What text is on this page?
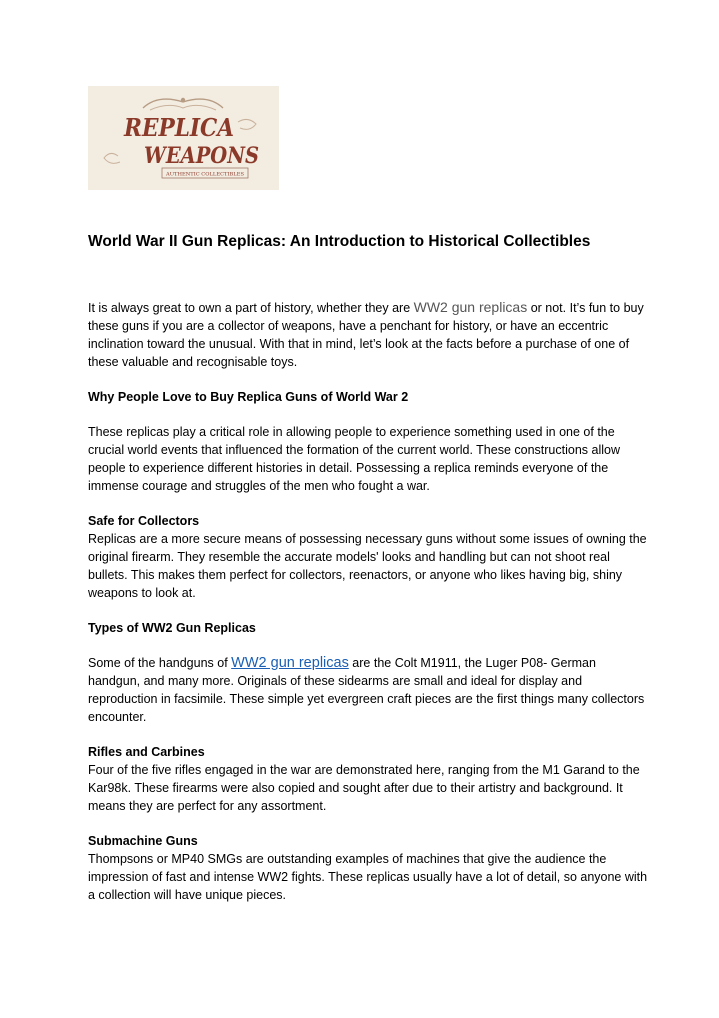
REPLICA
WEAPONS
AUTHENTIC COLLECTIBLES
World War II Gun Replicas: An Introduction to Historical Collectibles

It is always great to own a part of history, whether they are WW2 gun replicas or not. It’s fun to buy these guns if you are a collector of weapons, have a penchant for history, or have an eccentric inclination toward the unusual. With that in mind, let’s look at the facts before a purchase of one of these valuable and recognisable toys.

Why People Love to Buy Replica Guns of World War 2

These replicas play a critical role in allowing people to experience something used in one of the crucial world events that influenced the formation of the current world. These constructions allow people to experience different histories in detail. Possessing a replica reminds everyone of the immense courage and struggles of the men who fought a war.

Safe for Collectors

Replicas are a more secure means of possessing necessary guns without some issues of owning the original firearm. They resemble the accurate models' looks and handling but can not shoot real bullets. This makes them perfect for collectors, reenactors, or anyone who likes having big, shiny weapons to look at.

Types of WW2 Gun Replicas

Some of the handguns of WW2 gun replicas are the Colt M1911, the Luger P08- German handgun, and many more. Originals of these sidearms are small and ideal for display and reproduction in facsimile. These simple yet evergreen craft pieces are the first things many collectors encounter.

Rifles and Carbines

Four of the five rifles engaged in the war are demonstrated here, ranging from the M1 Garand to the Kar98k. These firearms were also copied and sought after due to their artistry and background. It means they are perfect for any assortment.

Submachine Guns

Thompsons or MP40 SMGs are outstanding examples of machines that give the audience the impression of fast and intense WW2 fights. These replicas usually have a lot of detail, so anyone with a collection will have unique pieces.
